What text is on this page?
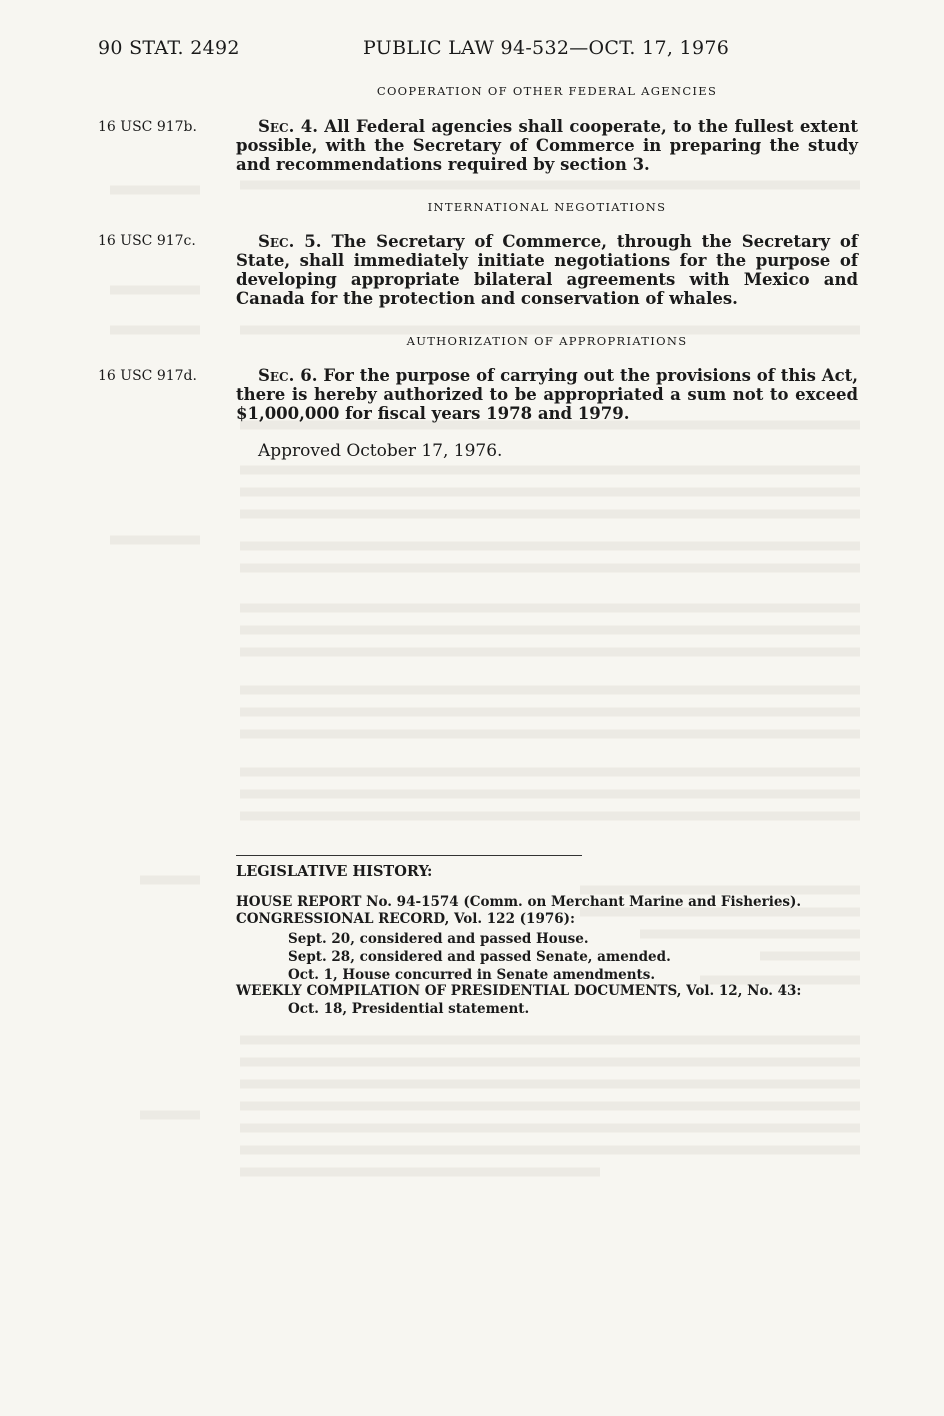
90 STAT. 2492	PUBLIC LAW 94-532—OCT. 17, 1976
COOPERATION OF OTHER FEDERAL AGENCIES
16 USC 917b.	Sec. 4. All Federal agencies shall cooperate, to the fullest extent possible, with the Secretary of Commerce in preparing the study and recommendations required by section 3.
INTERNATIONAL NEGOTIATIONS
16 USC 917c.	Sec. 5. The Secretary of Commerce, through the Secretary of State, shall immediately initiate negotiations for the purpose of developing appropriate bilateral agreements with Mexico and Canada for the protection and conservation of whales.
AUTHORIZATION OF APPROPRIATIONS
16 USC 917d.	Sec. 6. For the purpose of carrying out the provisions of this Act, there is hereby authorized to be appropriated a sum not to exceed $1,000,000 for fiscal years 1978 and 1979.
Approved October 17, 1976.
LEGISLATIVE HISTORY:
HOUSE REPORT No. 94-1574 (Comm. on Merchant Marine and Fisheries).
CONGRESSIONAL RECORD, Vol. 122 (1976):
Sept. 20, considered and passed House.
Sept. 28, considered and passed Senate, amended.
Oct. 1, House concurred in Senate amendments.
WEEKLY COMPILATION OF PRESIDENTIAL DOCUMENTS, Vol. 12, No. 43:
Oct. 18, Presidential statement.
